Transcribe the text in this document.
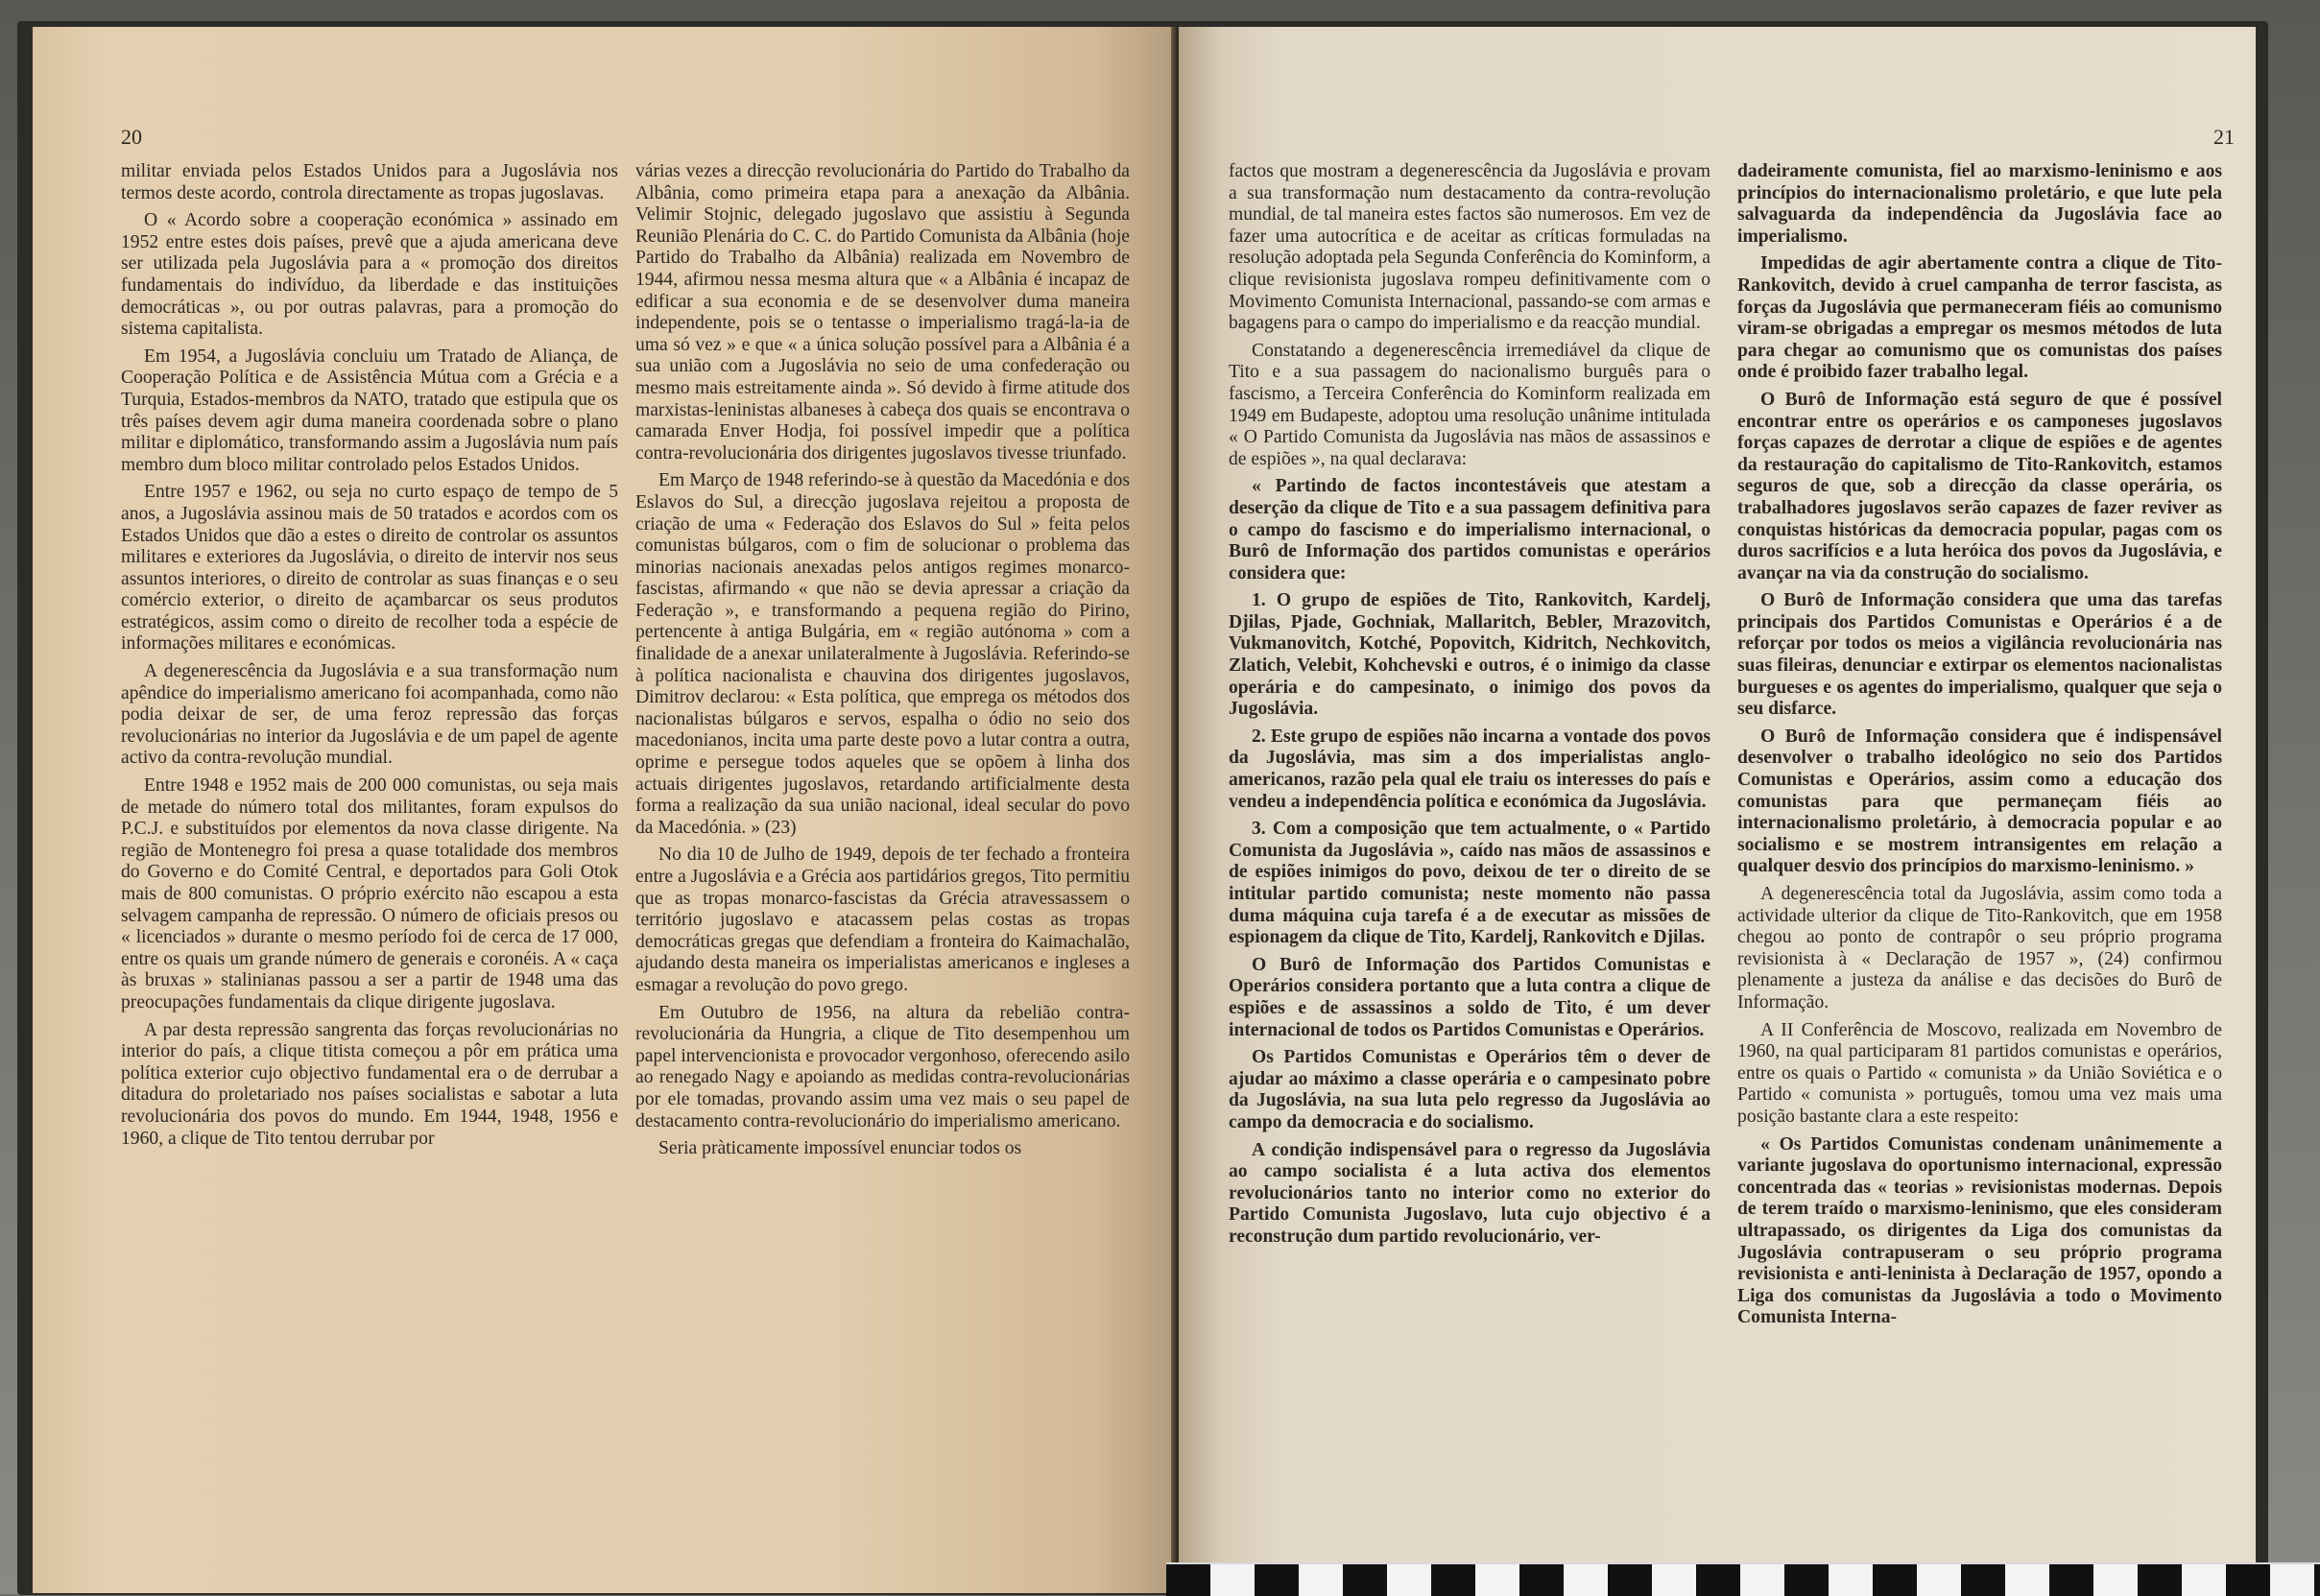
20

militar enviada pelos Estados Unidos para a Jugoslávia nos termos deste acordo, controla directamente as tropas jugoslavas.

O « Acordo sobre a cooperação económica » assinado em 1952 entre estes dois países, prevê que a ajuda americana deve ser utilizada pela Jugoslávia para a « promoção dos direitos fundamentais do indivíduo, da liberdade e das instituições democráticas », ou por outras palavras, para a promoção do sistema capitalista.

Em 1954, a Jugoslávia concluiu um Tratado de Aliança, de Cooperação Política e de Assistência Mútua com a Grécia e a Turquia, Estados-membros da NATO, tratado que estipula que os três países devem agir duma maneira coordenada sobre o plano militar e diplomático, transformando assim a Jugoslávia num país membro dum bloco militar controlado pelos Estados Unidos.

Entre 1957 e 1962, ou seja no curto espaço de tempo de 5 anos, a Jugoslávia assinou mais de 50 tratados e acordos com os Estados Unidos que dão a estes o direito de controlar os assuntos militares e exteriores da Jugoslávia, o direito de intervir nos seus assuntos interiores, o direito de controlar as suas finanças e o seu comércio exterior, o direito de açambarcar os seus produtos estratégicos, assim como o direito de recolher toda a espécie de informações militares e económicas.

A degenerescência da Jugoslávia e a sua transformação num apêndice do imperialismo americano foi acompanhada, como não podia deixar de ser, de uma feroz repressão das forças revolucionárias no interior da Jugoslávia e de um papel de agente activo da contra-revolução mundial.

Entre 1948 e 1952 mais de 200 000 comunistas, ou seja mais de metade do número total dos militantes, foram expulsos do P.C.J. e substituídos por elementos da nova classe dirigente. Na região de Montenegro foi presa a quase totalidade dos membros do Governo e do Comité Central, e deportados para Goli Otok mais de 800 comunistas. O próprio exército não escapou a esta selvagem campanha de repressão. O número de oficiais presos ou « licenciados » durante o mesmo período foi de cerca de 17 000, entre os quais um grande número de generais e coronéis. A « caça às bruxas » stalinianas passou a ser a partir de 1948 uma das preocupações fundamentais da clique dirigente jugoslava.

A par desta repressão sangrenta das forças revolucionárias no interior do país, a clique titista começou a pôr em prática uma política exterior cujo objectivo fundamental era o de derrubar a ditadura do proletariado nos países socialistas e sabotar a luta revolucionária dos povos do mundo. Em 1944, 1948, 1956 e 1960, a clique de Tito tentou derrubar por

várias vezes a direcção revolucionária do Partido do Trabalho da Albânia, como primeira etapa para a anexação da Albânia. Velimir Stojnic, delegado jugoslavo que assistiu à Segunda Reunião Plenária do C. C. do Partido Comunista da Albânia (hoje Partido do Trabalho da Albânia) realizada em Novembro de 1944, afirmou nessa mesma altura que « a Albânia é incapaz de edificar a sua economia e de se desenvolver duma maneira independente, pois se o tentasse o imperialismo tragá-la-ia de uma só vez » e que « a única solução possível para a Albânia é a sua união com a Jugoslávia no seio de uma confederação ou mesmo mais estreitamente ainda ». Só devido à firme atitude dos marxistas-leninistas albaneses à cabeça dos quais se encontrava o camarada Enver Hodja, foi possível impedir que a política contra-revolucionária dos dirigentes jugoslavos tivesse triunfado.

Em Março de 1948 referindo-se à questão da Macedónia e dos Eslavos do Sul, a direcção jugoslava rejeitou a proposta de criação de uma « Federação dos Eslavos do Sul » feita pelos comunistas búlgaros, com o fim de solucionar o problema das minorias nacionais anexadas pelos antigos regimes monarco-fascistas, afirmando « que não se devia apressar a criação da Federação », e transformando a pequena região do Pirino, pertencente à antiga Bulgária, em « região autónoma » com a finalidade de a anexar unilateralmente à Jugoslávia. Referindo-se à política nacionalista e chauvina dos dirigentes jugoslavos, Dimitrov declarou: « Esta política, que emprega os métodos dos nacionalistas búlgaros e servos, espalha o ódio no seio dos macedonianos, incita uma parte deste povo a lutar contra a outra, oprime e persegue todos aqueles que se opõem à linha dos actuais dirigentes jugoslavos, retardando artificialmente desta forma a realização da sua união nacional, ideal secular do povo da Macedónia. » (23)

No dia 10 de Julho de 1949, depois de ter fechado a fronteira entre a Jugoslávia e a Grécia aos partidários gregos, Tito permitiu que as tropas monarco-fascistas da Grécia atravessassem o território jugoslavo e atacassem pelas costas as tropas democráticas gregas que defendiam a fronteira do Kaimachalão, ajudando desta maneira os imperialistas americanos e ingleses a esmagar a revolução do povo grego.

Em Outubro de 1956, na altura da rebelião contra-revolucionária da Hungria, a clique de Tito desempenhou um papel intervencionista e provocador vergonhoso, oferecendo asilo ao renegado Nagy e apoiando as medidas contra-revolucionárias por ele tomadas, provando assim uma vez mais o seu papel de destacamento contra-revolucionário do imperialismo americano.

Seria pràticamente impossível enunciar todos os

21

factos que mostram a degenerescência da Jugoslávia e provam a sua transformação num destacamento da contra-revolução mundial, de tal maneira estes factos são numerosos. Em vez de fazer uma autocrítica e de aceitar as críticas formuladas na resolução adoptada pela Segunda Conferência do Kominform, a clique revisionista jugoslava rompeu definitivamente com o Movimento Comunista Internacional, passando-se com armas e bagagens para o campo do imperialismo e da reacção mundial.

Constatando a degenerescência irremediável da clique de Tito e a sua passagem do nacionalismo burguês para o fascismo, a Terceira Conferência do Kominform realizada em 1949 em Budapeste, adoptou uma resolução unânime intitulada « O Partido Comunista da Jugoslávia nas mãos de assassinos e de espiões », na qual declarava:

« Partindo de factos incontestáveis que atestam a deserção da clique de Tito e a sua passagem definitiva para o campo do fascismo e do imperialismo internacional, o Burô de Informação dos partidos comunistas e operários considera que:

1. O grupo de espiões de Tito, Rankovitch, Kardelj, Djilas, Pjade, Gochniak, Mallaritch, Bebler, Mrazovitch, Vukmanovitch, Kotché, Popovitch, Kidritch, Nechkovitch, Zlatich, Velebit, Kohchevski e outros, é o inimigo da classe operária e do campesinato, o inimigo dos povos da Jugoslávia.

2. Este grupo de espiões não incarna a vontade dos povos da Jugoslávia, mas sim a dos imperialistas anglo-americanos, razão pela qual ele traiu os interesses do país e vendeu a independência política e económica da Jugoslávia.

3. Com a composição que tem actualmente, o « Partido Comunista da Jugoslávia », caído nas mãos de assassinos e de espiões inimigos do povo, deixou de ter o direito de se intitular partido comunista; neste momento não passa duma máquina cuja tarefa é a de executar as missões de espionagem da clique de Tito, Kardelj, Rankovitch e Djilas.

O Burô de Informação dos Partidos Comunistas e Operários considera portanto que a luta contra a clique de espiões e de assassinos a soldo de Tito, é um dever internacional de todos os Partidos Comunistas e Operários.

Os Partidos Comunistas e Operários têm o dever de ajudar ao máximo a classe operária e o campesinato pobre da Jugoslávia, na sua luta pelo regresso da Jugoslávia ao campo da democracia e do socialismo.

A condição indispensável para o regresso da Jugoslávia ao campo socialista é a luta activa dos elementos revolucionários tanto no interior como no exterior do Partido Comunista Jugoslavo, luta cujo objectivo é a reconstrução dum partido revolucionário, ver-

dadeiramente comunista, fiel ao marxismo-leninismo e aos princípios do internacionalismo proletário, e que lute pela salvaguarda da independência da Jugoslávia face ao imperialismo.

Impedidas de agir abertamente contra a clique de Tito-Rankovitch, devido à cruel campanha de terror fascista, as forças da Jugoslávia que permaneceram fiéis ao comunismo viram-se obrigadas a empregar os mesmos métodos de luta para chegar ao comunismo que os comunistas dos países onde é proibido fazer trabalho legal.

O Burô de Informação está seguro de que é possível encontrar entre os operários e os camponeses jugoslavos forças capazes de derrotar a clique de espiões e de agentes da restauração do capitalismo de Tito-Rankovitch, estamos seguros de que, sob a direcção da classe operária, os trabalhadores jugoslavos serão capazes de fazer reviver as conquistas históricas da democracia popular, pagas com os duros sacrifícios e a luta heróica dos povos da Jugoslávia, e avançar na via da construção do socialismo.

O Burô de Informação considera que uma das tarefas principais dos Partidos Comunistas e Operários é a de reforçar por todos os meios a vigilância revolucionária nas suas fileiras, denunciar e extirpar os elementos nacionalistas burgueses e os agentes do imperialismo, qualquer que seja o seu disfarce.

O Burô de Informação considera que é indispensável desenvolver o trabalho ideológico no seio dos Partidos Comunistas e Operários, assim como a educação dos comunistas para que permaneçam fiéis ao internacionalismo proletário, à democracia popular e ao socialismo e se mostrem intransigentes em relação a qualquer desvio dos princípios do marxismo-leninismo. »

A degenerescência total da Jugoslávia, assim como toda a actividade ulterior da clique de Tito-Rankovitch, que em 1958 chegou ao ponto de contrapôr o seu próprio programa revisionista à « Declaração de 1957 », (24) confirmou plenamente a justeza da análise e das decisões do Burô de Informação.

A II Conferência de Moscovo, realizada em Novembro de 1960, na qual participaram 81 partidos comunistas e operários, entre os quais o Partido « comunista » da União Soviética e o Partido « comunista » português, tomou uma vez mais uma posição bastante clara a este respeito:

« Os Partidos Comunistas condenam unânimemente a variante jugoslava do oportunismo internacional, expressão concentrada das « teorias » revisionistas modernas. Depois de terem traído o marxismo-leninismo, que eles consideram ultrapassado, os dirigentes da Liga dos comunistas da Jugoslávia contrapuseram o seu próprio programa revisionista e anti-leninista à Declaração de 1957, opondo a Liga dos comunistas da Jugoslávia a todo o Movimento Comunista Interna-
